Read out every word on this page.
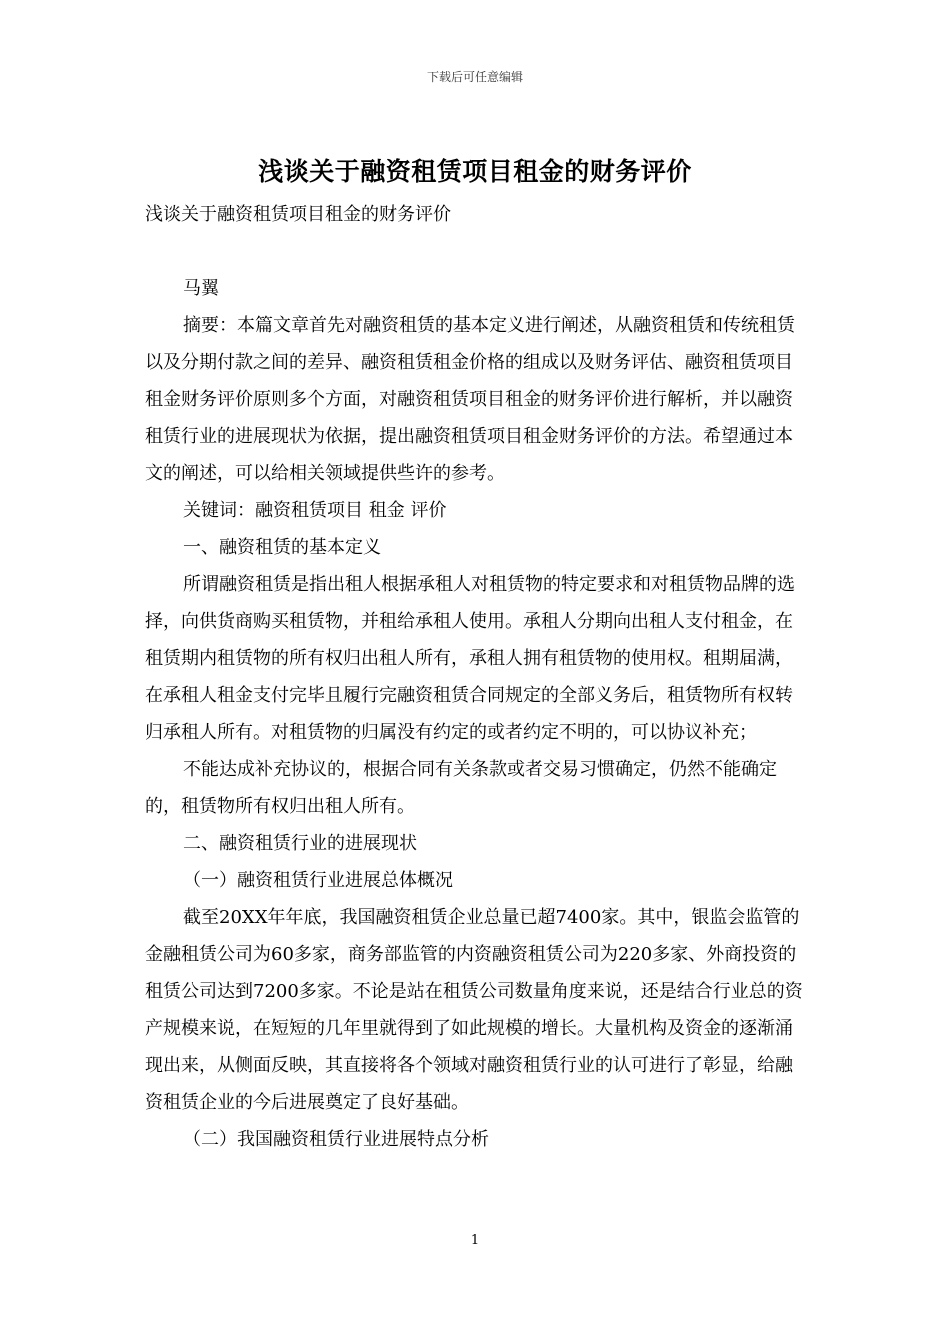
下载后可任意编辑
浅谈关于融资租赁项目租金的财务评价

浅谈关于融资租赁项目租金的财务评价

马翼

摘要：本篇文章首先对融资租赁的基本定义进行阐述，从融资租赁和传统租赁以及分期付款之间的差异、融资租赁租金价格的组成以及财务评估、融资租赁项目租金财务评价原则多个方面，对融资租赁项目租金的财务评价进行解析，并以融资租赁行业的进展现状为依据，提出融资租赁项目租金财务评价的方法。希望通过本文的阐述，可以给相关领域提供些许的参考。

关键词：融资租赁项目 租金 评价

一、融资租赁的基本定义

所谓融资租赁是指出租人根据承租人对租赁物的特定要求和对租赁物品牌的选择，向供货商购买租赁物，并租给承租人使用。承租人分期向出租人支付租金，在租赁期内租赁物的所有权归出租人所有，承租人拥有租赁物的使用权。租期届满，在承租人租金支付完毕且履行完融资租赁合同规定的全部义务后，租赁物所有权转归承租人所有。对租赁物的归属没有约定的或者约定不明的，可以协议补充；

不能达成补充协议的，根据合同有关条款或者交易习惯确定，仍然不能确定的，租赁物所有权归出租人所有。

二、融资租赁行业的进展现状

（一）融资租赁行业进展总体概况

截至20XX年年底，我国融资租赁企业总量已超7400家。其中，银监会监管的金融租赁公司为60多家，商务部监管的内资融资租赁公司为220多家、外商投资的租赁公司达到7200多家。不论是站在租赁公司数量角度来说，还是结合行业总的资产规模来说，在短短的几年里就得到了如此规模的增长。大量机构及资金的逐渐涌现出来，从侧面反映，其直接将各个领域对融资租赁行业的认可进行了彰显，给融资租赁企业的今后进展奠定了良好基础。

（二）我国融资租赁行业进展特点分析

1
